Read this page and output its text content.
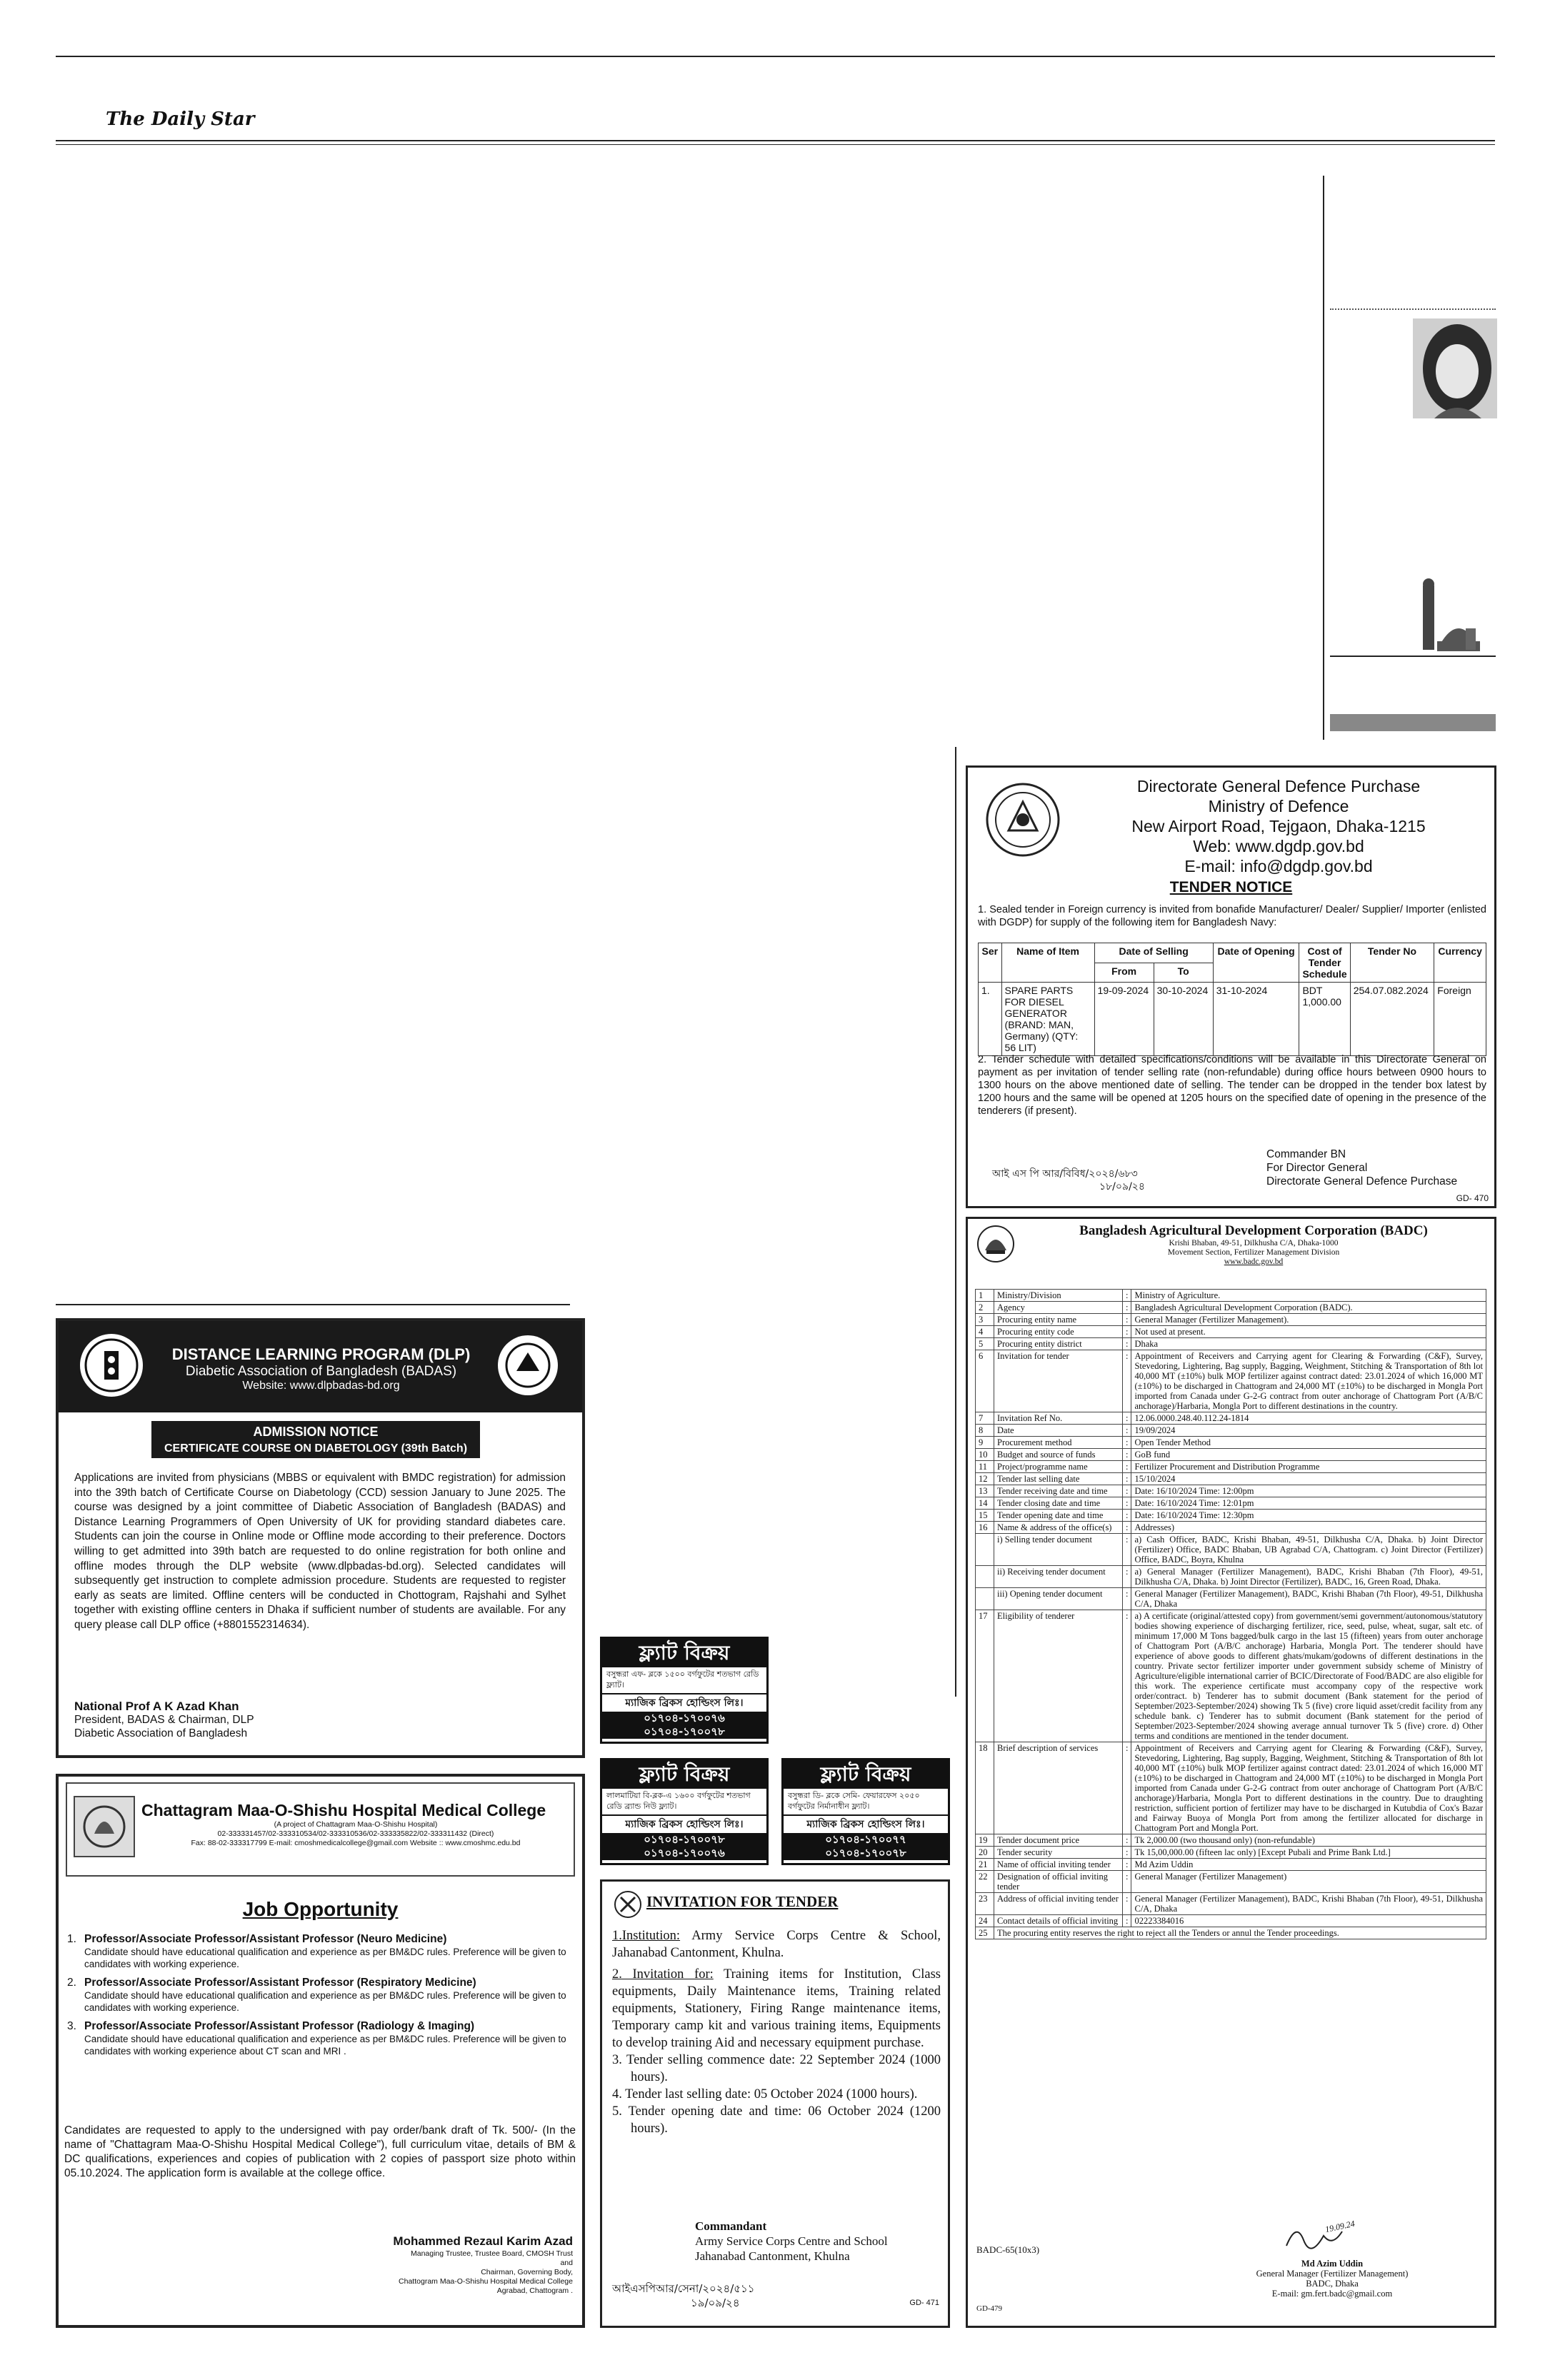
The Daily Star
Directorate General Defence Purchase
Ministry of Defence
New Airport Road, Tejgaon, Dhaka-1215
Web: www.dgdp.gov.bd
E-mail: info@dgdp.gov.bd
TENDER NOTICE
1. Sealed tender in Foreign currency is invited from bonafide Manufacturer/ Dealer/ Supplier/ Importer (enlisted with DGDP) for supply of the following item for Bangladesh Navy:
Ser	Name of Item	Date of Selling		Date of Opening	Cost of Tender Schedule	Tender No	Currency
		From	To				
1.	SPARE PARTS FOR DIESEL GENERATOR (BRAND: MAN, Germany) (QTY: 56 LIT)	19-09-2024	30-10-2024	31-10-2024	BDT 1,000.00	254.07.082.2024	Foreign
2. Tender schedule with detailed specifications/conditions will be available in this Directorate General on payment as per invitation of tender selling rate (non-refundable) during office hours between 0900 hours to 1300 hours on the above mentioned date of selling. The tender can be dropped in the tender box latest by 1200 hours and the same will be opened at 1205 hours on the specified date of opening in the presence of the tenderers (if present).
Commander BN
For Director General
Directorate General Defence Purchase
আই এস পি আর/বিবিধ/২০২৪/৬৮৩
১৮/০৯/২৪
GD- 470
Bangladesh Agricultural Development Corporation (BADC)
Krishi Bhaban, 49-51, Dilkhusha C/A, Dhaka-1000
Movement Section, Fertilizer Management Division
www.badc.gov.bd
1	Ministry/Division	:	Ministry of Agriculture.
2	Agency	:	Bangladesh Agricultural Development Corporation (BADC).
3	Procuring entity name	:	General Manager (Fertilizer Management).
4	Procuring entity code	:	Not used at present.
5	Procuring entity district	:	Dhaka
6	Invitation for tender	:	Appointment of Receivers and Carrying agent for Clearing & Forwarding (C&F), Survey, Stevedoring, Lightering, Bag supply, Bagging, Weighment, Stitching & Transportation of 8th lot 40,000 MT (±10%) bulk MOP fertilizer against contract dated: 23.01.2024 of which 16,000 MT (±10%) to be discharged in Chattogram and 24,000 MT (±10%) to be discharged in Mongla Port imported from Canada under G-2-G contract from outer anchorage of Chattogram Port (A/B/C anchorage)/Harbaria, Mongla Port to different destinations in the country.
7	Invitation Ref No.	:	12.06.0000.248.40.112.24-1814
8	Date	:	19/09/2024
9	Procurement method	:	Open Tender Method
10	Budget and source of funds	:	GoB fund
11	Project/programme name	:	Fertilizer Procurement and Distribution Programme
12	Tender last selling date	:	15/10/2024
13	Tender receiving date and time	:	Date: 16/10/2024 Time: 12:00pm
14	Tender closing date and time	:	Date: 16/10/2024 Time: 12:01pm
15	Tender opening date and time	:	Date: 16/10/2024 Time: 12:30pm
16	Name & address of the office(s)	:	Addresses)
	i) Selling tender document	:	a) Cash Officer, BADC, Krishi Bhaban, 49-51, Dilkhusha C/A, Dhaka. b) Joint Director (Fertilizer) Office, BADC Bhaban, UB Agrabad C/A, Chattogram. c) Joint Director (Fertilizer) Office, BADC, Boyra, Khulna
	ii) Receiving tender document	:	a) General Manager (Fertilizer Management), BADC, Krishi Bhaban (7th Floor), 49-51, Dilkhusha C/A, Dhaka. b) Joint Director (Fertilizer), BADC, 16, Green Road, Dhaka.
	iii) Opening tender document	:	General Manager (Fertilizer Management), BADC, Krishi Bhaban (7th Floor), 49-51, Dilkhusha C/A, Dhaka
17	Eligibility of tenderer	:	a) A certificate (original/attested copy) from government/semi government/autonomous/statutory bodies showing experience of discharging fertilizer, rice, seed, pulse, wheat, sugar, salt etc. of minimum 17,000 M Tons bagged/bulk cargo in the last 15 (fifteen) years from outer anchorage of Chattogram Port (A/B/C anchorage) Harbaria, Mongla Port. The tenderer should have experience of above goods to different ghats/mukam/godowns of different destinations in the country. Private sector fertilizer importer under government subsidy scheme of Ministry of Agriculture/eligible international carrier of BCIC/Directorate of Food/BADC are also eligible for this work. The experience certificate must accompany copy of the respective work order/contract. b) Tenderer has to submit document (Bank statement for the period of September/2023-September/2024) showing Tk 5 (five) crore liquid asset/credit facility from any schedule bank. c) Tenderer has to submit document (Bank statement for the period of September/2023-September/2024 showing average annual turnover Tk 5 (five) crore. d) Other terms and conditions are mentioned in the tender document.
18	Brief description of services	:	Appointment of Receivers and Carrying agent for Clearing & Forwarding (C&F), Survey, Stevedoring, Lightering, Bag supply, Bagging, Weighment, Stitching & Transportation of 8th lot 40,000 MT (±10%) bulk MOP fertilizer against contract dated: 23.01.2024 of which 16,000 MT (±10%) to be discharged in Chattogram and 24,000 MT (±10%) to be discharged in Mongla Port imported from Canada under G-2-G contract from outer anchorage of Chattogram Port (A/B/C anchorage)/Harbaria, Mongla Port to different destinations in the country. Due to draughting restriction, sufficient portion of fertilizer may have to be discharged in Kutubdia of Cox's Bazar and Fairway Buoya of Mongla Port from among the fertilizer allocated for discharge in Chattogram Port and Mongla Port.
19	Tender document price	:	Tk 2,000.00 (two thousand only) (non-refundable)
20	Tender security	:	Tk 15,00,000.00 (fifteen lac only) [Except Pubali and Prime Bank Ltd.]
21	Name of official inviting tender	:	Md Azim Uddin
22	Designation of official inviting tender	:	General Manager (Fertilizer Management)
23	Address of official inviting tender	:	General Manager (Fertilizer Management), BADC, Krishi Bhaban (7th Floor), 49-51, Dilkhusha C/A, Dhaka
24	Contact details of official inviting	:	02223384016
25	The procuring entity reserves the right to reject all the Tenders or annul the Tender proceedings.		
BADC-65(10x3)
GD-479
19.09.24
Md Azim Uddin
General Manager (Fertilizer Management)
BADC, Dhaka
E-mail: gm.fert.badc@gmail.com
DISTANCE LEARNING PROGRAM (DLP)
Diabetic Association of Bangladesh (BADAS)
Website: www.dlpbadas-bd.org
ADMISSION NOTICE
CERTIFICATE COURSE ON DIABETOLOGY (39th Batch)
Applications are invited from physicians (MBBS or equivalent with BMDC registration) for admission into the 39th batch of Certificate Course on Diabetology (CCD) session January to June 2025. The course was designed by a joint committee of Diabetic Association of Bangladesh (BADAS) and Distance Learning Programmers of Open University of UK for providing standard diabetes care. Students can join the course in Online mode or Offline mode according to their preference. Doctors willing to get admitted into 39th batch are requested to do online registration for both online and offline modes through the DLP website (www.dlpbadas-bd.org). Selected candidates will subsequently get instruction to complete admission procedure. Students are requested to register early as seats are limited. Offline centers will be conducted in Chottogram, Rajshahi and Sylhet together with existing offline centers in Dhaka if sufficient number of students are available. For any query please call DLP office (+8801552314634).
National Prof A K Azad Khan
President, BADAS & Chairman, DLP
Diabetic Association of Bangladesh
ফ্ল্যাট বিক্রয়
বসুন্ধরা এফ- ব্লকে ১৫০০ বর্গফুটের শতভাগ রেডি ফ্ল্যাট।
ম্যাজিক ব্রিকস হোল্ডিংস লিঃ।
০১৭০৪-১৭০০৭৬
০১৭০৪-১৭০০৭৮
ফ্ল্যাট বিক্রয়
লালমাটিয়া বি-ব্লক-এ ১৬০০ বর্গফুটের শতভাগ রেডি ব্র্যান্ড নিউ ফ্ল্যাট।
ম্যাজিক ব্রিকস হোল্ডিংস লিঃ।
০১৭০৪-১৭০০৭৮
০১৭০৪-১৭০০৭৬
ফ্ল্যাট বিক্রয়
বসুন্ধরা ডি- ব্লকে সেমি- ফেয়ারফেস ২০৫০ বর্গফুটের নির্মানাধীন ফ্ল্যাট।
ম্যাজিক ব্রিকস হোল্ডিংস লিঃ।
০১৭০৪-১৭০০৭৭
০১৭০৪-১৭০০৭৮
Chattagram Maa-O-Shishu Hospital Medical College
(A project of Chattagram Maa-O-Shishu Hospital)
02-333331457/02-333310534/02-333310536/02-333335822/02-333311432 (Direct)
Fax: 88-02-333317799 E-mail: cmoshmedicalcollege@gmail.com Website :: www.cmoshmc.edu.bd
Job Opportunity
1. Professor/Associate Professor/Assistant Professor (Neuro Medicine)
Candidate should have educational qualification and experience as per BM&DC rules. Preference will be given to candidates with working experience.
2. Professor/Associate Professor/Assistant Professor (Respiratory Medicine)
Candidate should have educational qualification and experience as per BM&DC rules. Preference will be given to candidates with working experience.
3. Professor/Associate Professor/Assistant Professor (Radiology & Imaging)
Candidate should have educational qualification and experience as per BM&DC rules. Preference will be given to candidates with working experience about CT scan and MRI .
Candidates are requested to apply to the undersigned with pay order/bank draft of Tk. 500/- (In the name of "Chattagram Maa-O-Shishu Hospital Medical College"), full curriculum vitae, details of BM & DC qualifications, experiences and copies of publication with 2 copies of passport size photo within 05.10.2024. The application form is available at the college office.
Mohammed Rezaul Karim Azad
Managing Trustee, Trustee Board, CMOSH Trust
and
Chairman, Governing Body,
Chattogram Maa-O-Shishu Hospital Medical College
Agrabad, Chattogram .
INVITATION FOR TENDER
1.Institution: Army Service Corps Centre & School, Jahanabad Cantonment, Khulna.
2. Invitation for: Training items for Institution, Class equipments, Daily Maintenance items, Training related equipments, Stationery, Firing Range maintenance items, Temporary camp kit and various training items, Equipments to develop training Aid and necessary equipment purchase.
3. Tender selling commence date: 22 September 2024 (1000 hours).
4. Tender last selling date: 05 October 2024 (1000 hours).
5. Tender opening date and time: 06 October 2024 (1200 hours).
Commandant
Army Service Corps Centre and School
Jahanabad Cantonment, Khulna
আইএসপিআর/সেনা/২০২৪/৫১১
১৯/০৯/২৪	GD- 471
